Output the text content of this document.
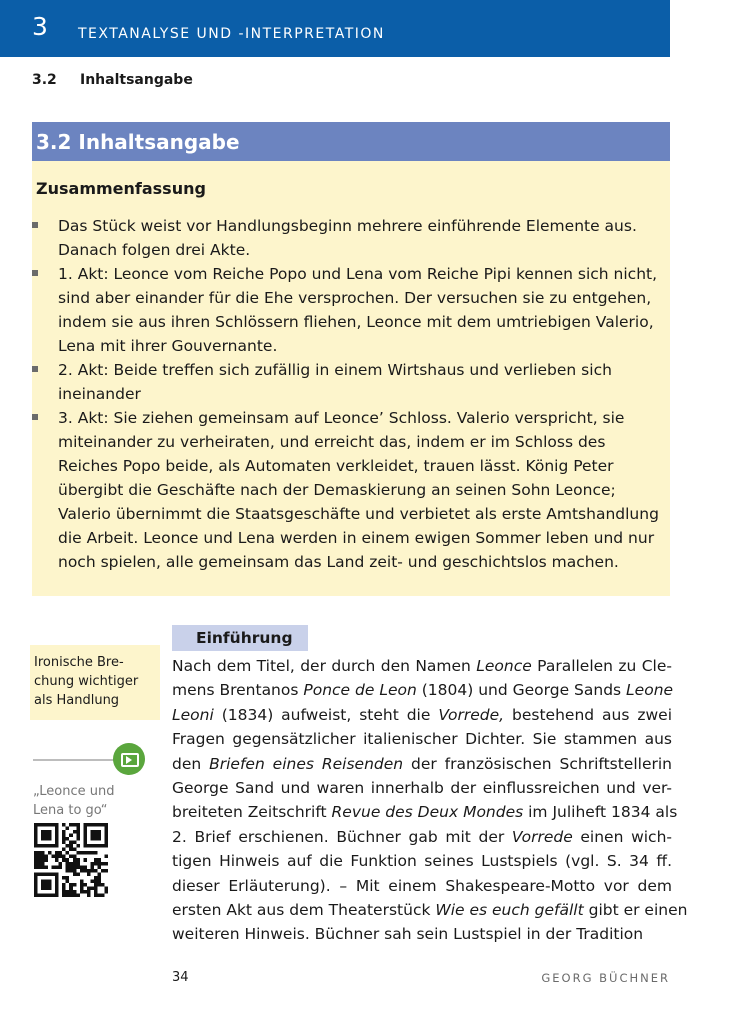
3 TEXTANALYSE UND -INTERPRETATION
3.2 Inhaltsangabe
3.2 Inhaltsangabe
Zusammenfassung
Das Stück weist vor Handlungsbeginn mehrere einführende Elemente aus.
Danach folgen drei Akte.
1. Akt: Leonce vom Reiche Popo und Lena vom Reiche Pipi kennen sich nicht,
sind aber einander für die Ehe versprochen. Der versuchen sie zu entgehen,
indem sie aus ihren Schlössern fliehen, Leonce mit dem umtriebigen Valerio,
Lena mit ihrer Gouvernante.
2. Akt: Beide treffen sich zufällig in einem Wirtshaus und verlieben sich
ineinander
3. Akt: Sie ziehen gemeinsam auf Leonce’ Schloss. Valerio verspricht, sie
miteinander zu verheiraten, und erreicht das, indem er im Schloss des
Reiches Popo beide, als Automaten verkleidet, trauen lässt. König Peter
übergibt die Geschäfte nach der Demaskierung an seinen Sohn Leonce;
Valerio übernimmt die Staatsgeschäfte und verbietet als erste Amtshandlung
die Arbeit. Leonce und Lena werden in einem ewigen Sommer leben und nur
noch spielen, alle gemeinsam das Land zeit- und geschichtslos machen.
Ironische Bre-
chung wichtiger
als Handlung
„Leonce und
Lena to go“
Einführung
Nach dem Titel, der durch den Namen Leonce Parallelen zu Cle-
mens Brentanos Ponce de Leon (1804) und George Sands Leone
Leoni (1834) aufweist, steht die Vorrede, bestehend aus zwei
Fragen gegensätzlicher italienischer Dichter. Sie stammen aus
den Briefen eines Reisenden der französischen Schriftstellerin
George Sand und waren innerhalb der einflussreichen und ver-
breiteten Zeitschrift Revue des Deux Mondes im Juliheft 1834 als
2. Brief erschienen. Büchner gab mit der Vorrede einen wich-
tigen Hinweis auf die Funktion seines Lustspiels (vgl. S. 34 ff.
dieser Erläuterung). – Mit einem Shakespeare-Motto vor dem
ersten Akt aus dem Theaterstück Wie es euch gefällt gibt er einen
weiteren Hinweis. Büchner sah sein Lustspiel in der Tradition
34	GEORG BÜCHNER
